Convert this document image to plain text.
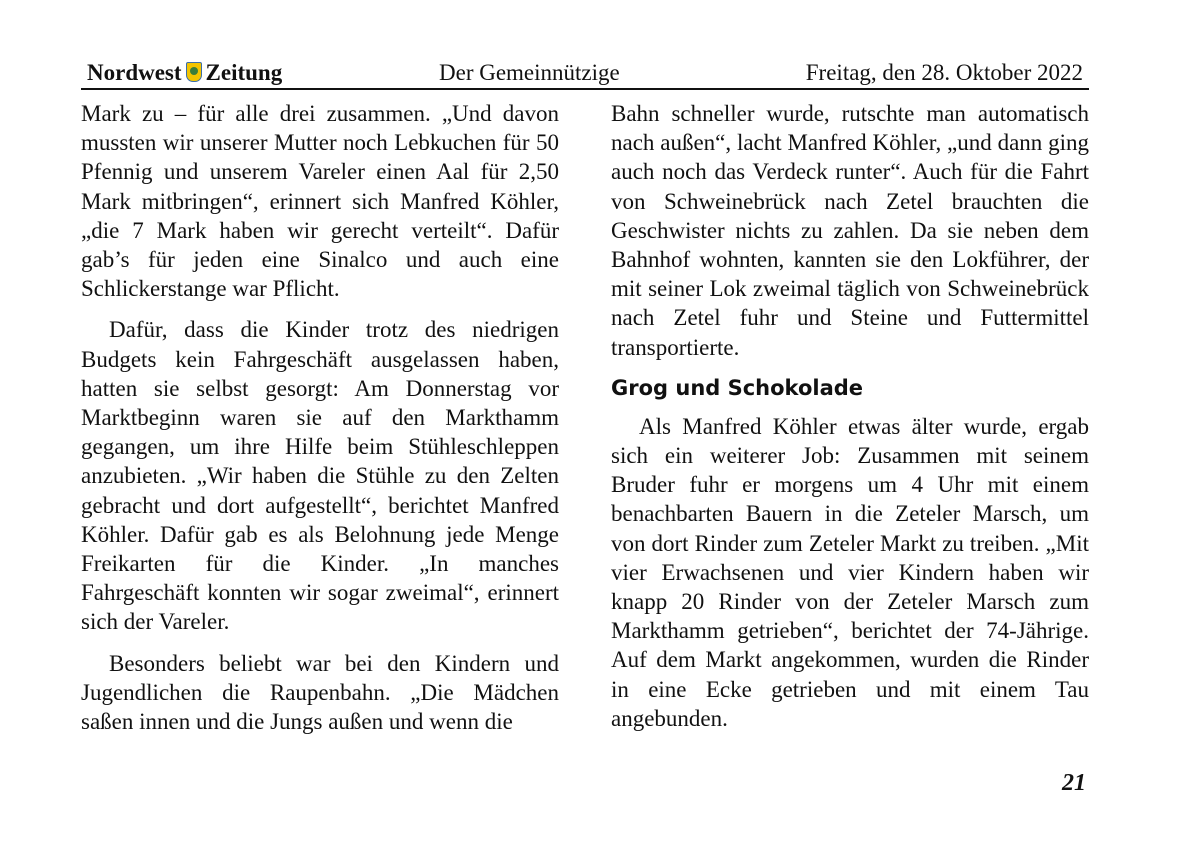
Nordwest Zeitung	Der Gemeinnützige	Freitag, den 28. Oktober 2022

Mark zu – für alle drei zusammen. „Und davon mussten wir unserer Mutter noch Lebkuchen für 50 Pfennig und unserem Vareler einen Aal für 2,50 Mark mitbringen“, erinnert sich Manfred Köhler, „die 7 Mark haben wir gerecht verteilt“. Dafür gab’s für jeden eine Sinalco und auch eine Schlickerstange war Pflicht.

Dafür, dass die Kinder trotz des niedrigen Budgets kein Fahrgeschäft ausgelassen haben, hatten sie selbst gesorgt: Am Donnerstag vor Marktbeginn waren sie auf den Markthamm gegangen, um ihre Hilfe beim Stühleschleppen anzubieten. „Wir haben die Stühle zu den Zelten gebracht und dort aufgestellt“, berichtet Manfred Köhler. Dafür gab es als Belohnung jede Menge Freikarten für die Kinder. „In manches Fahrgeschäft konnten wir sogar zweimal“, erinnert sich der Vareler.

Besonders beliebt war bei den Kindern und Jugendlichen die Raupenbahn. „Die Mädchen saßen innen und die Jungs außen und wenn die

Bahn schneller wurde, rutschte man automatisch nach außen“, lacht Manfred Köhler, „und dann ging auch noch das Verdeck runter“. Auch für die Fahrt von Schweinebrück nach Zetel brauchten die Geschwister nichts zu zahlen. Da sie neben dem Bahnhof wohnten, kannten sie den Lokführer, der mit seiner Lok zweimal täglich von Schweinebrück nach Zetel fuhr und Steine und Futtermittel transportierte.

Grog und Schokolade

Als Manfred Köhler etwas älter wurde, ergab sich ein weiterer Job: Zusammen mit seinem Bruder fuhr er morgens um 4 Uhr mit einem benachbarten Bauern in die Zeteler Marsch, um von dort Rinder zum Zeteler Markt zu treiben. „Mit vier Erwachsenen und vier Kindern haben wir knapp 20 Rinder von der Zeteler Marsch zum Markthamm getrieben“, berichtet der 74-Jährige. Auf dem Markt angekommen, wurden die Rinder in eine Ecke getrieben und mit einem Tau angebunden.

21
